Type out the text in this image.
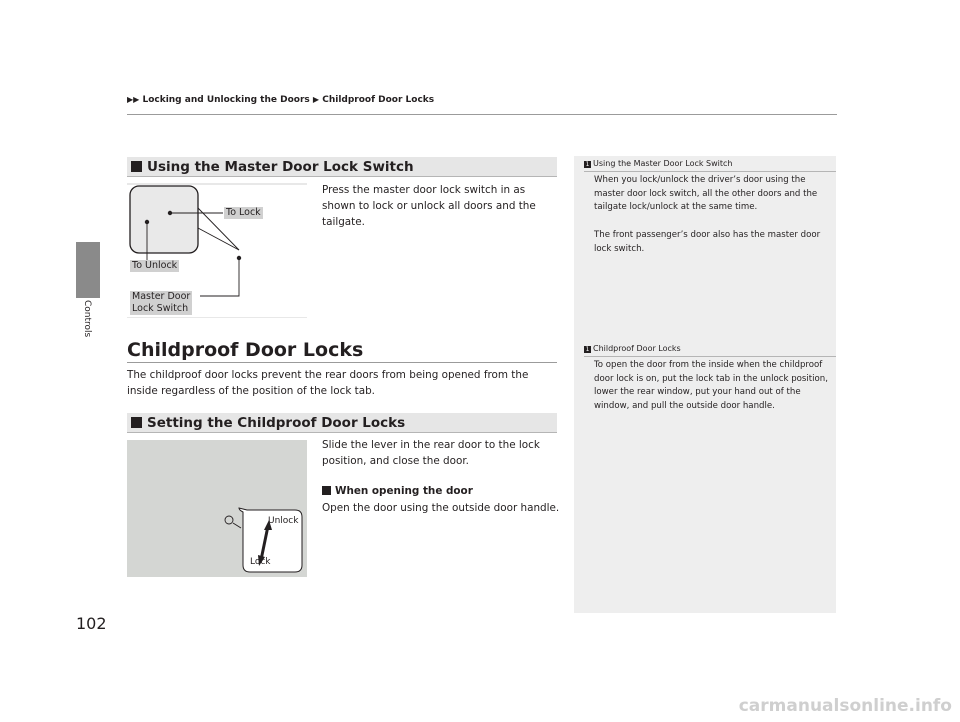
▶▶ Locking and Unlocking the Doors ▶ Childproof Door Locks
Controls
Using the Master Door Lock Switch
To Lock
To Unlock
Master Door
Lock Switch
Press the master door lock switch in as shown to lock or unlock all doors and the tailgate.
Childproof Door Locks
The childproof door locks prevent the rear doors from being opened from the inside regardless of the position of the lock tab.
Setting the Childproof Door Locks
Unlock
Lock
Slide the lever in the rear door to the lock position, and close the door.
When opening the door
Open the door using the outside door handle.
1 Using the Master Door Lock Switch
When you lock/unlock the driver’s door using the master door lock switch, all the other doors and the tailgate lock/unlock at the same time.
The front passenger’s door also has the master door lock switch.
1 Childproof Door Locks
To open the door from the inside when the childproof door lock is on, put the lock tab in the unlock position, lower the rear window, put your hand out of the window, and pull the outside door handle.
102
carmanualsonline.info
